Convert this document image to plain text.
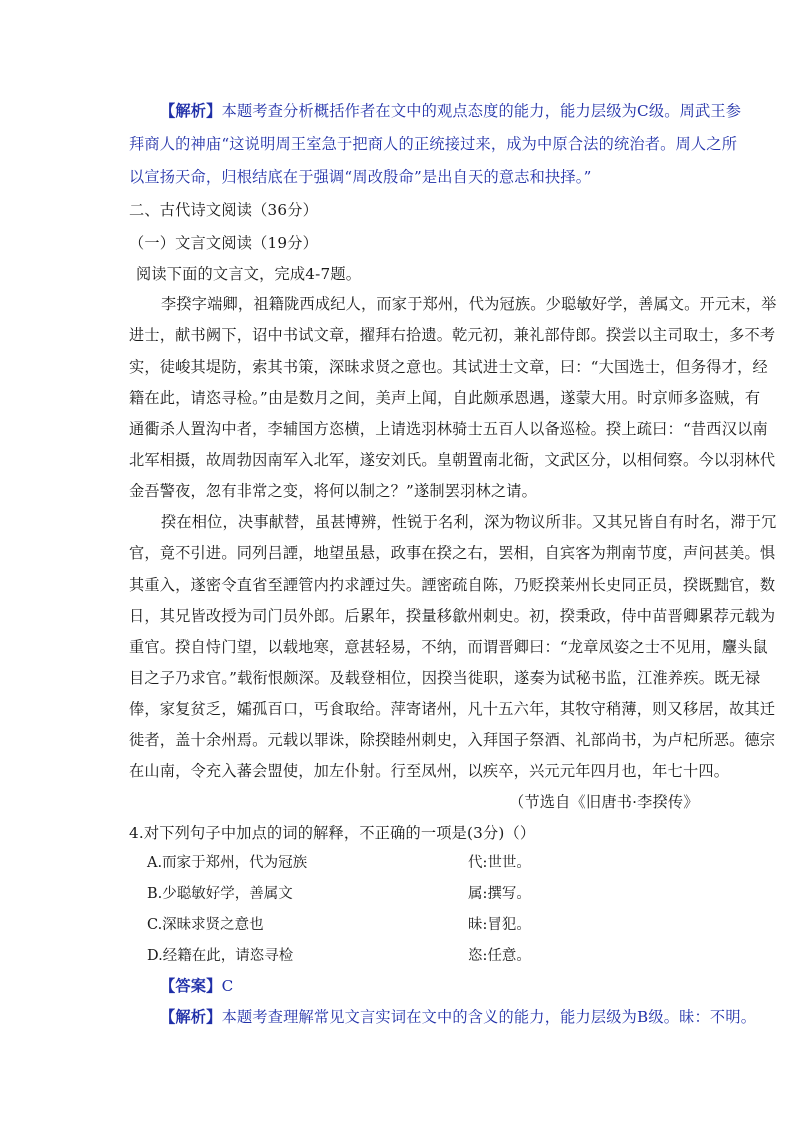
【解析】本题考查分析概括作者在文中的观点态度的能力，能力层级为C级。周武王参
拜商人的神庙“这说明周王室急于把商人的正统接过来，成为中原合法的统治者。周人之所
以宣扬天命，归根结底在于强调“周改殷命”是出自天的意志和抉择。”
二、古代诗文阅读（36分）
（一）文言文阅读（19分）
阅读下面的文言文，完成4-7题。
李揆字端卿，祖籍陇西成纪人，而家于郑州，代为冠族。少聪敏好学，善属文。开元末，举
进士，献书阙下，诏中书试文章，擢拜右拾遗。乾元初，兼礼部侍郎。揆尝以主司取士，多不考
实，徒峻其堤防，索其书策，深昧求贤之意也。其试进士文章，曰：“大国选士，但务得才，经
籍在此，请恣寻检。”由是数月之间，美声上闻，自此颇承恩遇，遂蒙大用。时京师多盗贼，有
通衢杀人置沟中者，李辅国方恣横，上请选羽林骑士五百人以备巡检。揆上疏曰：“昔西汉以南
北军相摄，故周勃因南军入北军，遂安刘氏。皇朝置南北衙，文武区分，以相伺察。今以羽林代
金吾警夜，忽有非常之变，将何以制之？”遂制罢羽林之请。
揆在相位，决事献替，虽甚博辨，性锐于名利，深为物议所非。又其兄皆自有时名，滞于冗
官，竟不引进。同列吕諲，地望虽悬，政事在揆之右，罢相，自宾客为荆南节度，声问甚美。惧
其重入，遂密令直省至諲管内扚求諲过失。諲密疏自陈，乃贬揆莱州长史同正员，揆既黜官，数
日，其兄皆改授为司门员外郎。后累年，揆量移歙州刺史。初，揆秉政，侍中苗晋卿累荐元载为
重官。揆自恃门望，以载地寒，意甚轻易，不纳，而谓晋卿曰：“龙章凤姿之士不见用，麞头鼠
目之子乃求官。”载衔恨颇深。及载登相位，因揆当徙职，遂奏为试秘书监，江淮养疾。既无禄
俸，家复贫乏，孀孤百口，丐食取给。萍寄诸州，凡十五六年，其牧守稍薄，则又移居，故其迁
徙者，盖十余州焉。元载以罪诛，除揆睦州刺史，入拜国子祭酒、礼部尚书，为卢杞所恶。德宗
在山南，令充入蕃会盟使，加左仆射。行至凤州，以疾卒，兴元元年四月也，年七十四。
（节选自《旧唐书·李揆传》
4.对下列句子中加点的词的解释，不正确的一项是(3分)（）
A.而家于郑州，代为冠族	代:世世。
B.少聪敏好学，善属文	属:撰写。
C.深昧求贤之意也	昧:冒犯。
D.经籍在此，请恣寻检	恣:任意。
【答案】C
【解析】本题考查理解常见文言实词在文中的含义的能力，能力层级为B级。昧：不明。
